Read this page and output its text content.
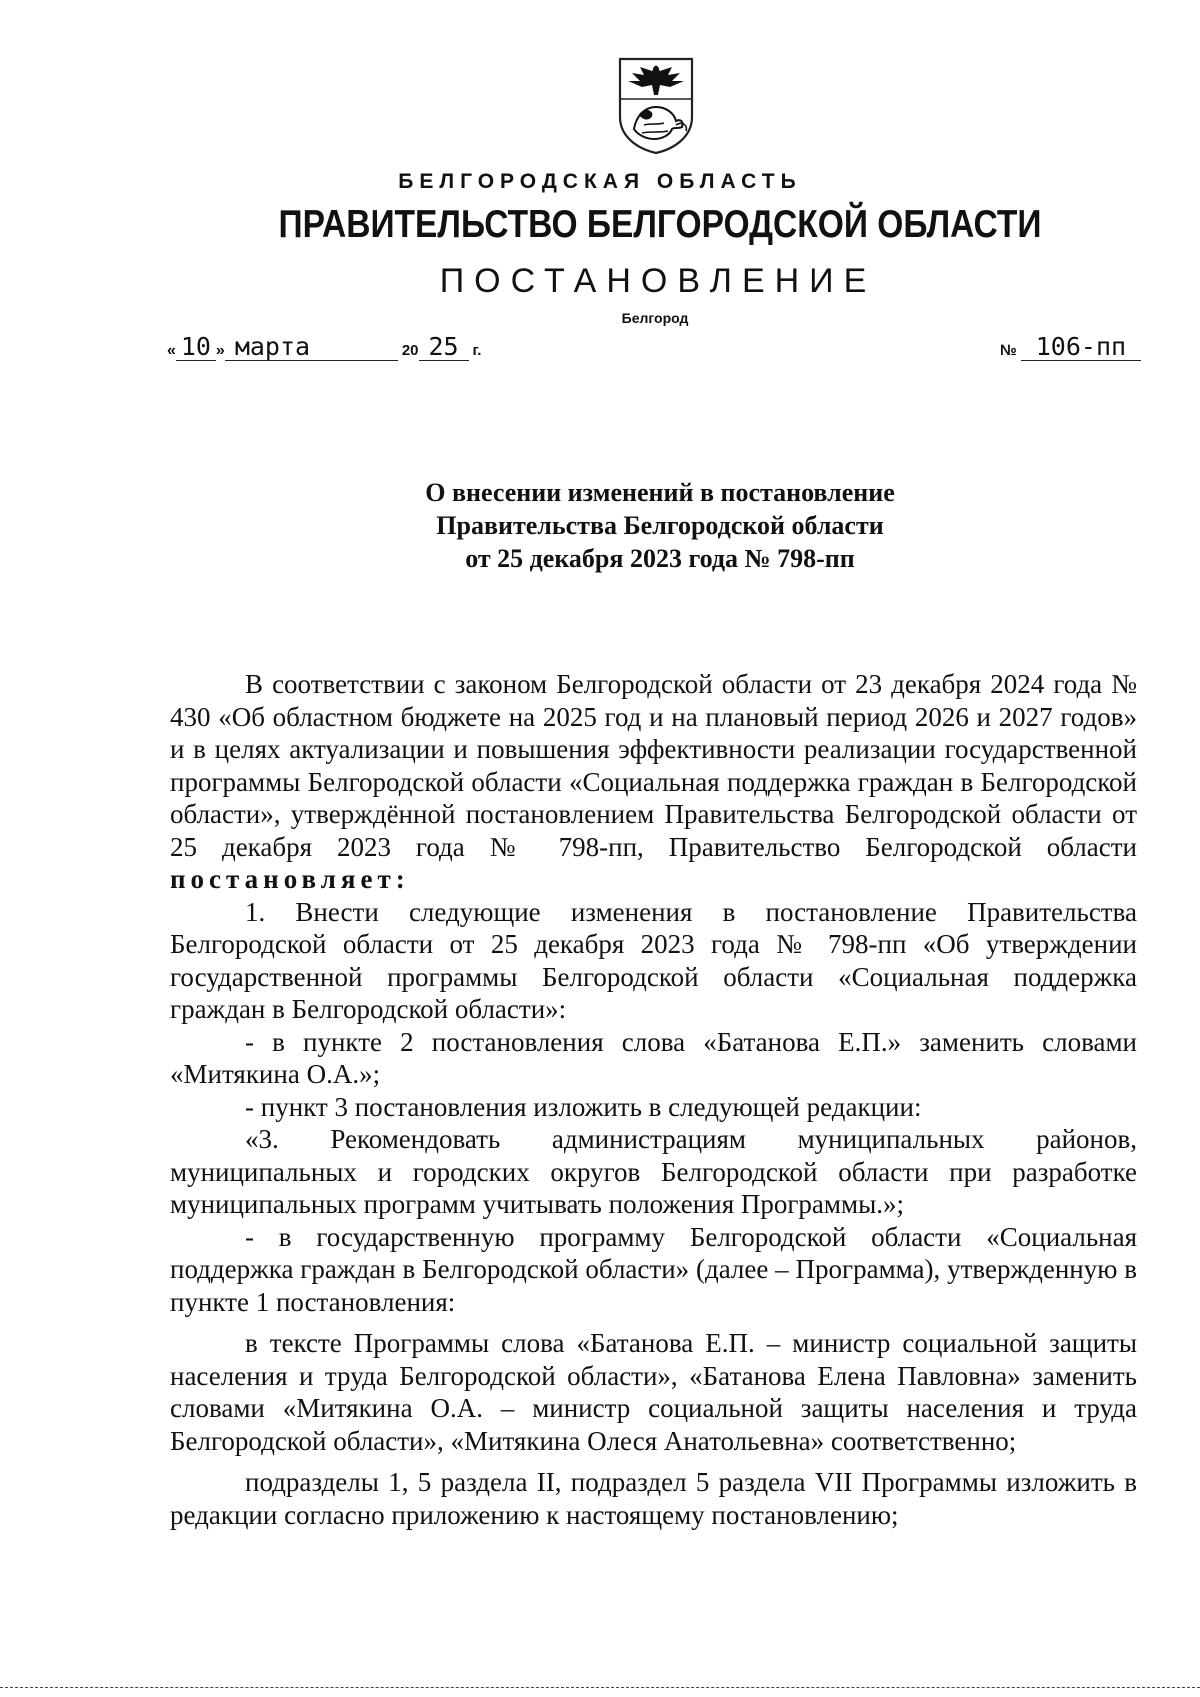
БЕЛГОРОДСКАЯ ОБЛАСТЬ
ПРАВИТЕЛЬСТВО БЕЛГОРОДСКОЙ ОБЛАСТИ
ПОСТАНОВЛЕНИЕ
Белгород
« 10 » марта	20 25 г.	№ 106-пп
О внесении изменений в постановление
Правительства Белгородской области
от 25 декабря 2023 года № 798-пп

В соответствии с законом Белгородской области от 23 декабря 2024 года № 430 «Об областном бюджете на 2025 год и на плановый период 2026 и 2027 годов» и в целях актуализации и повышения эффективности реализации государственной программы Белгородской области «Социальная поддержка граждан в Белгородской области», утверждённой постановлением Правительства Белгородской области от 25 декабря 2023 года № 798-пп, Правительство Белгородской области постановляет:

1. Внести следующие изменения в постановление Правительства Белгородской области от 25 декабря 2023 года № 798-пп «Об утверждении государственной программы Белгородской области «Социальная поддержка граждан в Белгородской области»:

- в пункте 2 постановления слова «Батанова Е.П.» заменить словами «Митякина О.А.»;

- пункт 3 постановления изложить в следующей редакции:

«3. Рекомендовать администрациям муниципальных районов, муниципальных и городских округов Белгородской области при разработке муниципальных программ учитывать положения Программы.»;

- в государственную программу Белгородской области «Социальная поддержка граждан в Белгородской области» (далее – Программа), утвержденную в пункте 1 постановления:

в тексте Программы слова «Батанова Е.П. – министр социальной защиты населения и труда Белгородской области», «Батанова Елена Павловна» заменить словами «Митякина О.А. – министр социальной защиты населения и труда Белгородской области», «Митякина Олеся Анатольевна» соответственно;

подразделы 1, 5 раздела II, подраздел 5 раздела VII Программы изложить в редакции согласно приложению к настоящему постановлению;
